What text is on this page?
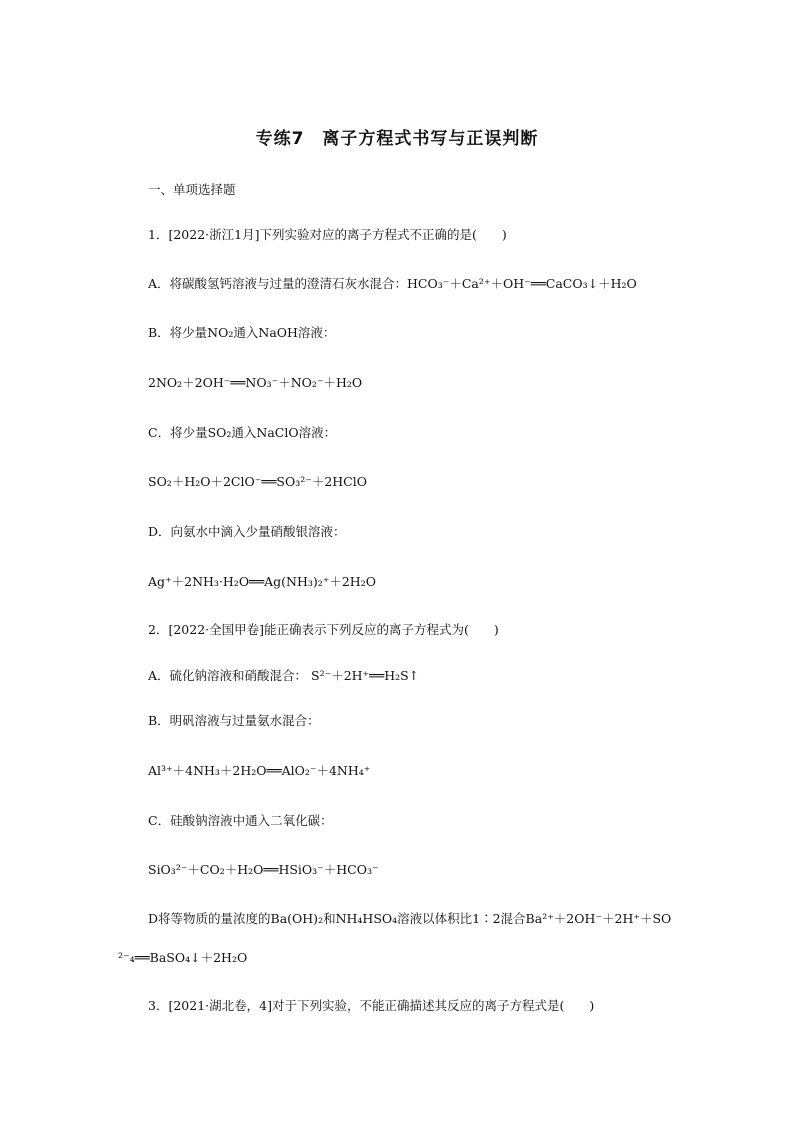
专练7　离子方程式书写与正误判断
一、单项选择题
1．[2022·浙江1月]下列实验对应的离子方程式不正确的是(　　)
A．将碳酸氢钙溶液与过量的澄清石灰水混合：HCO₃⁻＋Ca²⁺＋OH⁻══CaCO₃↓＋H₂O
B．将少量NO₂通入NaOH溶液：
2NO₂＋2OH⁻══NO₃⁻＋NO₂⁻＋H₂O
C．将少量SO₂通入NaClO溶液：
SO₂＋H₂O＋2ClO⁻══SO₃²⁻＋2HClO
D．向氨水中滴入少量硝酸银溶液：
Ag⁺＋2NH₃·H₂O══Ag(NH₃)₂⁺＋2H₂O
2．[2022·全国甲卷]能正确表示下列反应的离子方程式为(　　)
A．硫化钠溶液和硝酸混合： S²⁻＋2H⁺══H₂S↑
B．明矾溶液与过量氨水混合：
Al³⁺＋4NH₃＋2H₂O══AlO₂⁻＋4NH₄⁺
C．硅酸钠溶液中通入二氧化碳：
SiO₃²⁻＋CO₂＋H₂O══HSiO₃⁻＋HCO₃⁻
D将等物质的量浓度的Ba(OH)₂和NH₄HSO₄溶液以体积比1∶2混合Ba²⁺＋2OH⁻＋2H⁺＋SO
²⁻₄══BaSO₄↓＋2H₂O
3．[2021·湖北卷，4]对于下列实验，不能正确描述其反应的离子方程式是(　　)
